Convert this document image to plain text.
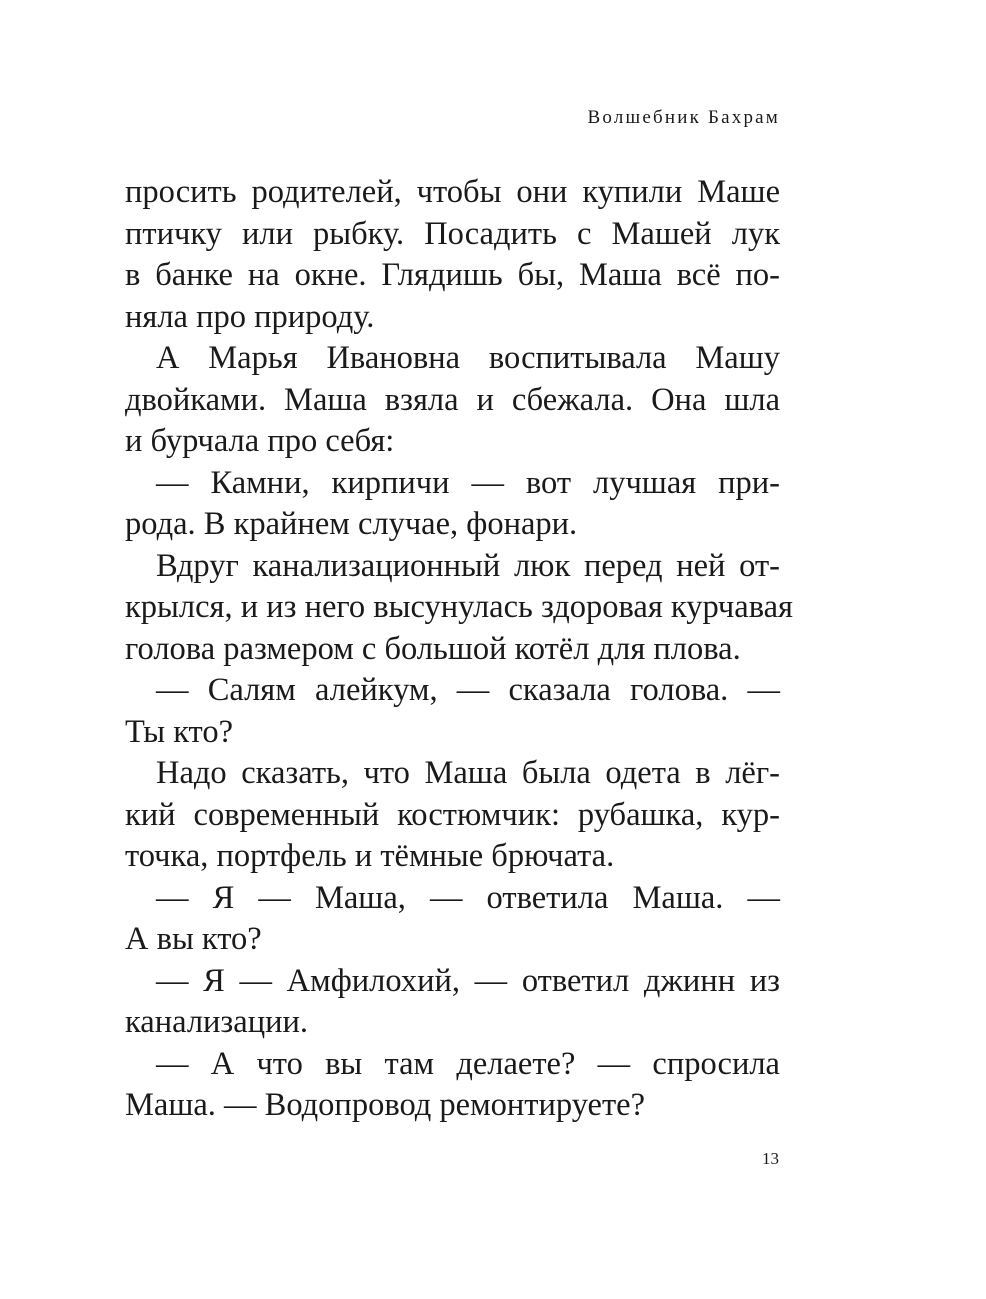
Волшебник Бахрам
просить родителей, чтобы они купили Маше
птичку или рыбку. Посадить с Машей лук
в банке на окне. Глядишь бы, Маша всё по-
няла про природу.
А Марья Ивановна воспитывала Машу
двойками. Маша взяла и сбежала. Она шла
и бурчала про себя:
— Камни, кирпичи — вот лучшая при-
рода. В крайнем случае, фонари.
Вдруг канализационный люк перед ней от-
крылся, и из него высунулась здоровая курчавая
голова размером с большой котёл для плова.
— Салям алейкум, — сказала голова. —
Ты кто?
Надо сказать, что Маша была одета в лёг-
кий современный костюмчик: рубашка, кур-
точка, портфель и тёмные брючата.
— Я — Маша, — ответила Маша. —
А вы кто?
— Я — Амфилохий, — ответил джинн из
канализации.
— А что вы там делаете? — спросила
Маша. — Водопровод ремонтируете?
13
